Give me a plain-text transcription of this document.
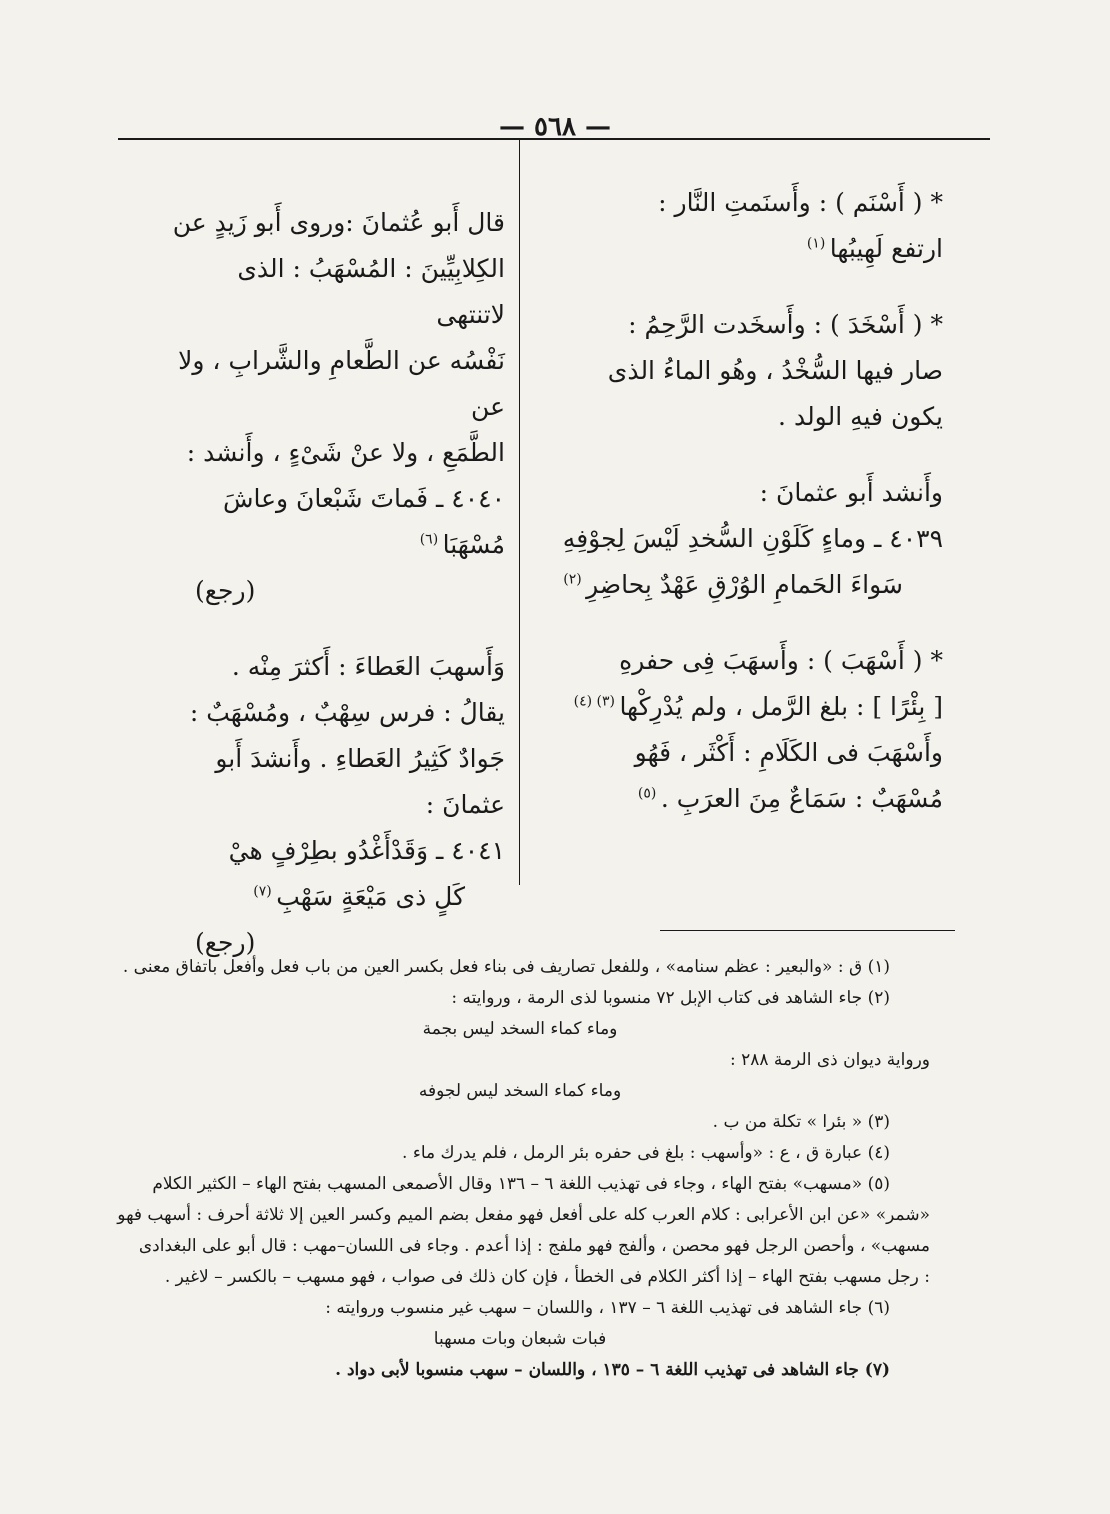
— ٥٦٨ —

* ( أَسْنَم ) : وأَسنَمتِ النَّار :

ارتفع لَهِيبُها $^{(١)}$

* ( أَسْخَدَ ) : وأَسخَدت الرَّحِمُ :

صار فيها السُّخْدُ ، وهُو الماءُ الذى

يكون فيهِ الولد .

وأَنشد أَبو عثمانَ :

٤٠٣٩ ـ وماءٍ كَلَوْنِ السُّخدِ لَيْسَ لِجوْفِهِ

سَواءَ الحَمامِ الوُرْقِ عَهْدٌ بِحاضِرِ $^{(٢)}$

* ( أَسْهَبَ ) : وأَسهَبَ فِى حفرهِ

[ بِئْرًا ] : بلغ الرَّمل ، ولم يُدْرِكْها $^{(٣)}$ $^{(٤)}$

وأَسْهَبَ فى الكَلَامِ : أَكْثَر ، فَهُو

مُسْهَبٌ : سَمَاعٌ مِنَ العرَبِ . $^{(٥)}$

قال أَبو عُثمانَ :وروى أَبو زَيدٍ عن

الكِلابِيِّينَ : المُسْهَبُ : الذى لاتنتهى

نَفْسُه عن الطَّعامِ والشَّرابِ ، ولا عن

الطَّمَعِ ، ولا عنْ شَىْءٍ ، وأَنشد :

٤٠٤٠ ـ فَماتَ شَبْعانَ وعاشَ مُسْهَبَا $^{(٦)}$

(رجع)

وَأَسهبَ العَطاءَ : أَكثرَ مِنْه .

يقالُ : فرس سِهْبٌ ، ومُسْهَبٌ :

جَوادٌ كَثِيرُ العَطاءِ . وأَنشدَ أَبو عثمانَ :

٤٠٤١ ـ وَقَدْأَغْدُو بطِرْفٍ هيْ

كَلٍ ذى مَيْعَةٍ سَهْبِ $^{(٧)}$

(رجع)

(١) ق : «والبعير : عظم سنامه» ، وللفعل تصاريف فى بناء فعل بكسر العين من باب فعل وأفعل باتفاق معنى .

(٢) جاء الشاهد فى كتاب الإبل ٧٢ منسوبا لذى الرمة ، وروايته :

وماء كماء السخد ليس بجمة

ورواية ديوان ذى الرمة ٢٨٨ :

وماء كماء السخد ليس لجوفه

(٣) « بئرا » تكلة من ب .

(٤) عبارة ق ، ع : «وأسهب : بلغ فى حفره بئر الرمل ، فلم يدرك ماء .

(٥) «مسهب» بفتح الهاء ، وجاء فى تهذيب اللغة ٦ – ١٣٦ وقال الأصمعى المسهب بفتح الهاء – الكثير الكلام

«شمر» «عن ابن الأعرابى : كلام العرب كله على أفعل فهو مفعل بضم الميم وكسر العين إلا ثلاثة أحرف : أسهب فهو

مسهب» ، وأحصن الرجل فهو محصن ، وألفج فهو ملفج : إذا أعدم . وجاء فى اللسان–مهب : قال أبو على البغدادى

: رجل مسهب بفتح الهاء – إذا أكثر الكلام فى الخطأ ، فإن كان ذلك فى صواب ، فهو مسهب – بالكسر – لاغير .

(٦) جاء الشاهد فى تهذيب اللغة ٦ – ١٣٧ ، واللسان – سهب غير منسوب وروايته :

فبات شبعان وبات مسهبا

(٧) جاء الشاهد فى تهذيب اللغة ٦ – ١٣٥ ، واللسان – سهب منسوبا لأبى دواد .
